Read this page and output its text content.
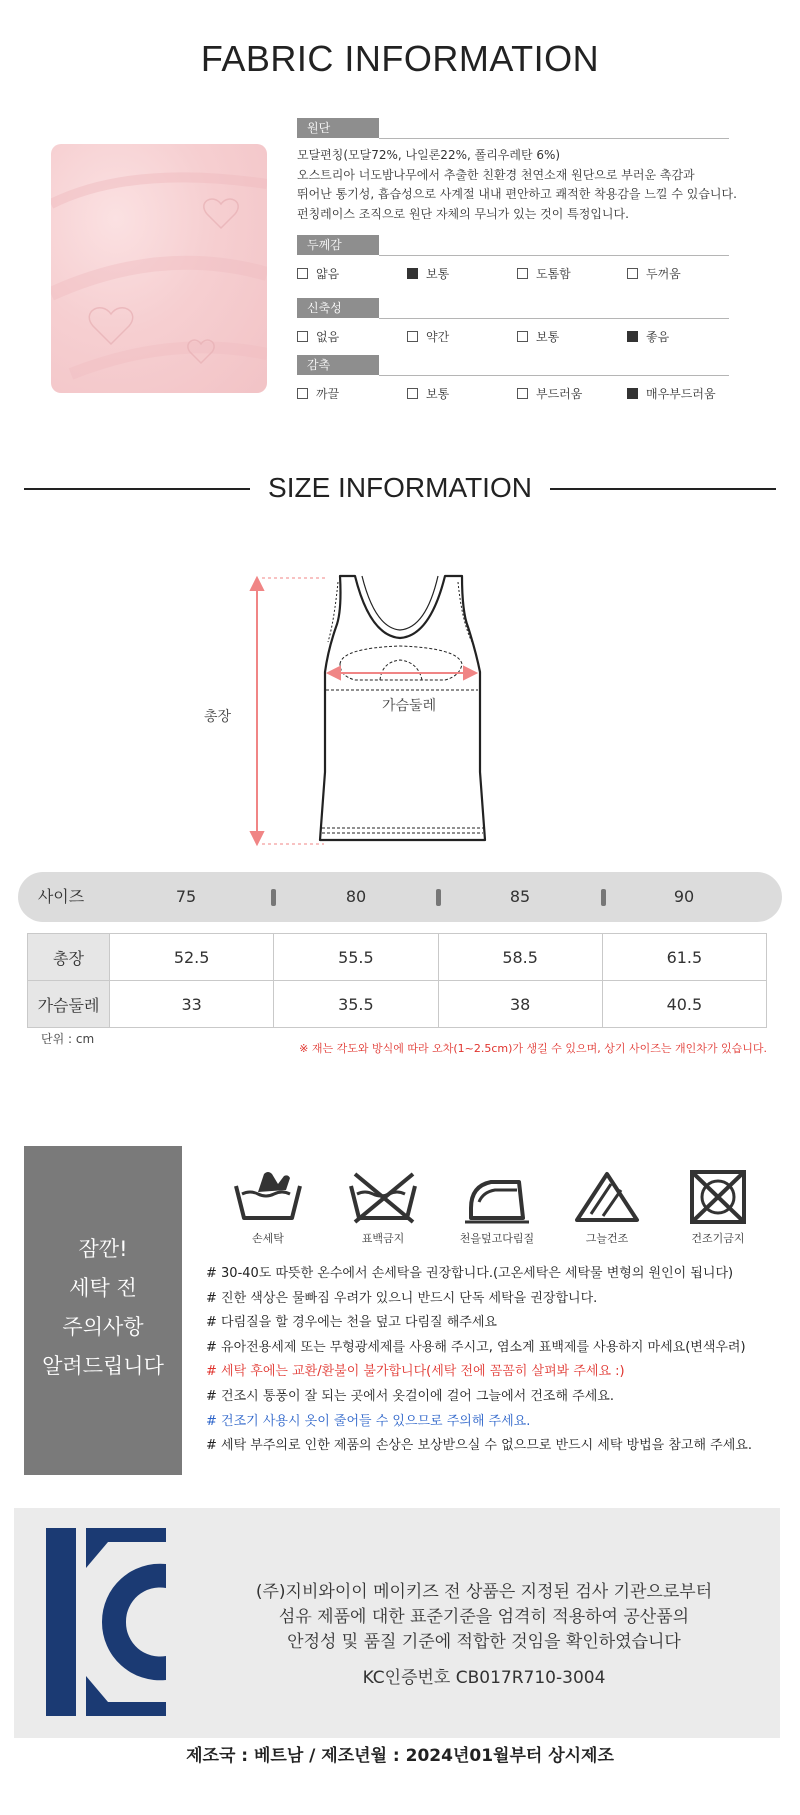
FABRIC INFORMATION
원단
모달편칭(모달72%, 나일론22%, 폴리우레탄 6%)
오스트리아 너도밤나무에서 추출한 친환경 천연소재 원단으로 부러운 촉감과
뛰어난 통기성, 흡습성으로 사계절 내내 편안하고 쾌적한 착용감을 느낄 수 있습니다.
펀칭레이스 조직으로 원단 자체의 무늬가 있는 것이 특정입니다.
두께감
얇음	보통	도톰함	두꺼움
신축성
없음	약간	보통	좋음
감촉
까끌	보통	부드러움	매우부드러움
SIZE INFORMATION
총장
가슴둘레
사이즈	75	80	85	90
총장	52.5	55.5	58.5	61.5
가슴둘레	33	35.5	38	40.5
단위 : cm
※ 재는 각도와 방식에 따라 오차(1~2.5cm)가 생길 수 있으며, 상기 사이즈는 개인차가 있습니다.
잠깐!
세탁 전
주의사항
알려드립니다
손세탁	표백금지	천을덮고다림질	그늘건조	건조기금지
# 30-40도 따뜻한 온수에서 손세탁을 권장합니다.(고온세탁은 세탁물 변형의 원인이 됩니다)
# 진한 색상은 물빠짐 우려가 있으니 반드시 단독 세탁을 권장합니다.
# 다림질을 할 경우에는 천을 덮고 다림질 해주세요
# 유아전용세제 또는 무형광세제를 사용해 주시고, 염소계 표백제를 사용하지 마세요(변색우려)
# 세탁 후에는 교환/환불이 불가합니다(세탁 전에 꼼꼼히 살펴봐 주세요 :)
# 건조시 통풍이 잘 되는 곳에서 옷걸이에 걸어 그늘에서 건조해 주세요.
# 건조기 사용시 옷이 줄어들 수 있으므로 주의해 주세요.
# 세탁 부주의로 인한 제품의 손상은 보상받으실 수 없으므로 반드시 세탁 방법을 참고해 주세요.
(주)지비와이이 메이키즈 전 상품은 지정된 검사 기관으로부터
섬유 제품에 대한 표준기준을 엄격히 적용하여 공산품의
안정성 및 품질 기준에 적합한 것임을 확인하였습니다
KC인증번호 CB017R710-3004
제조국 : 베트남 / 제조년월 : 2024년01월부터 상시제조
